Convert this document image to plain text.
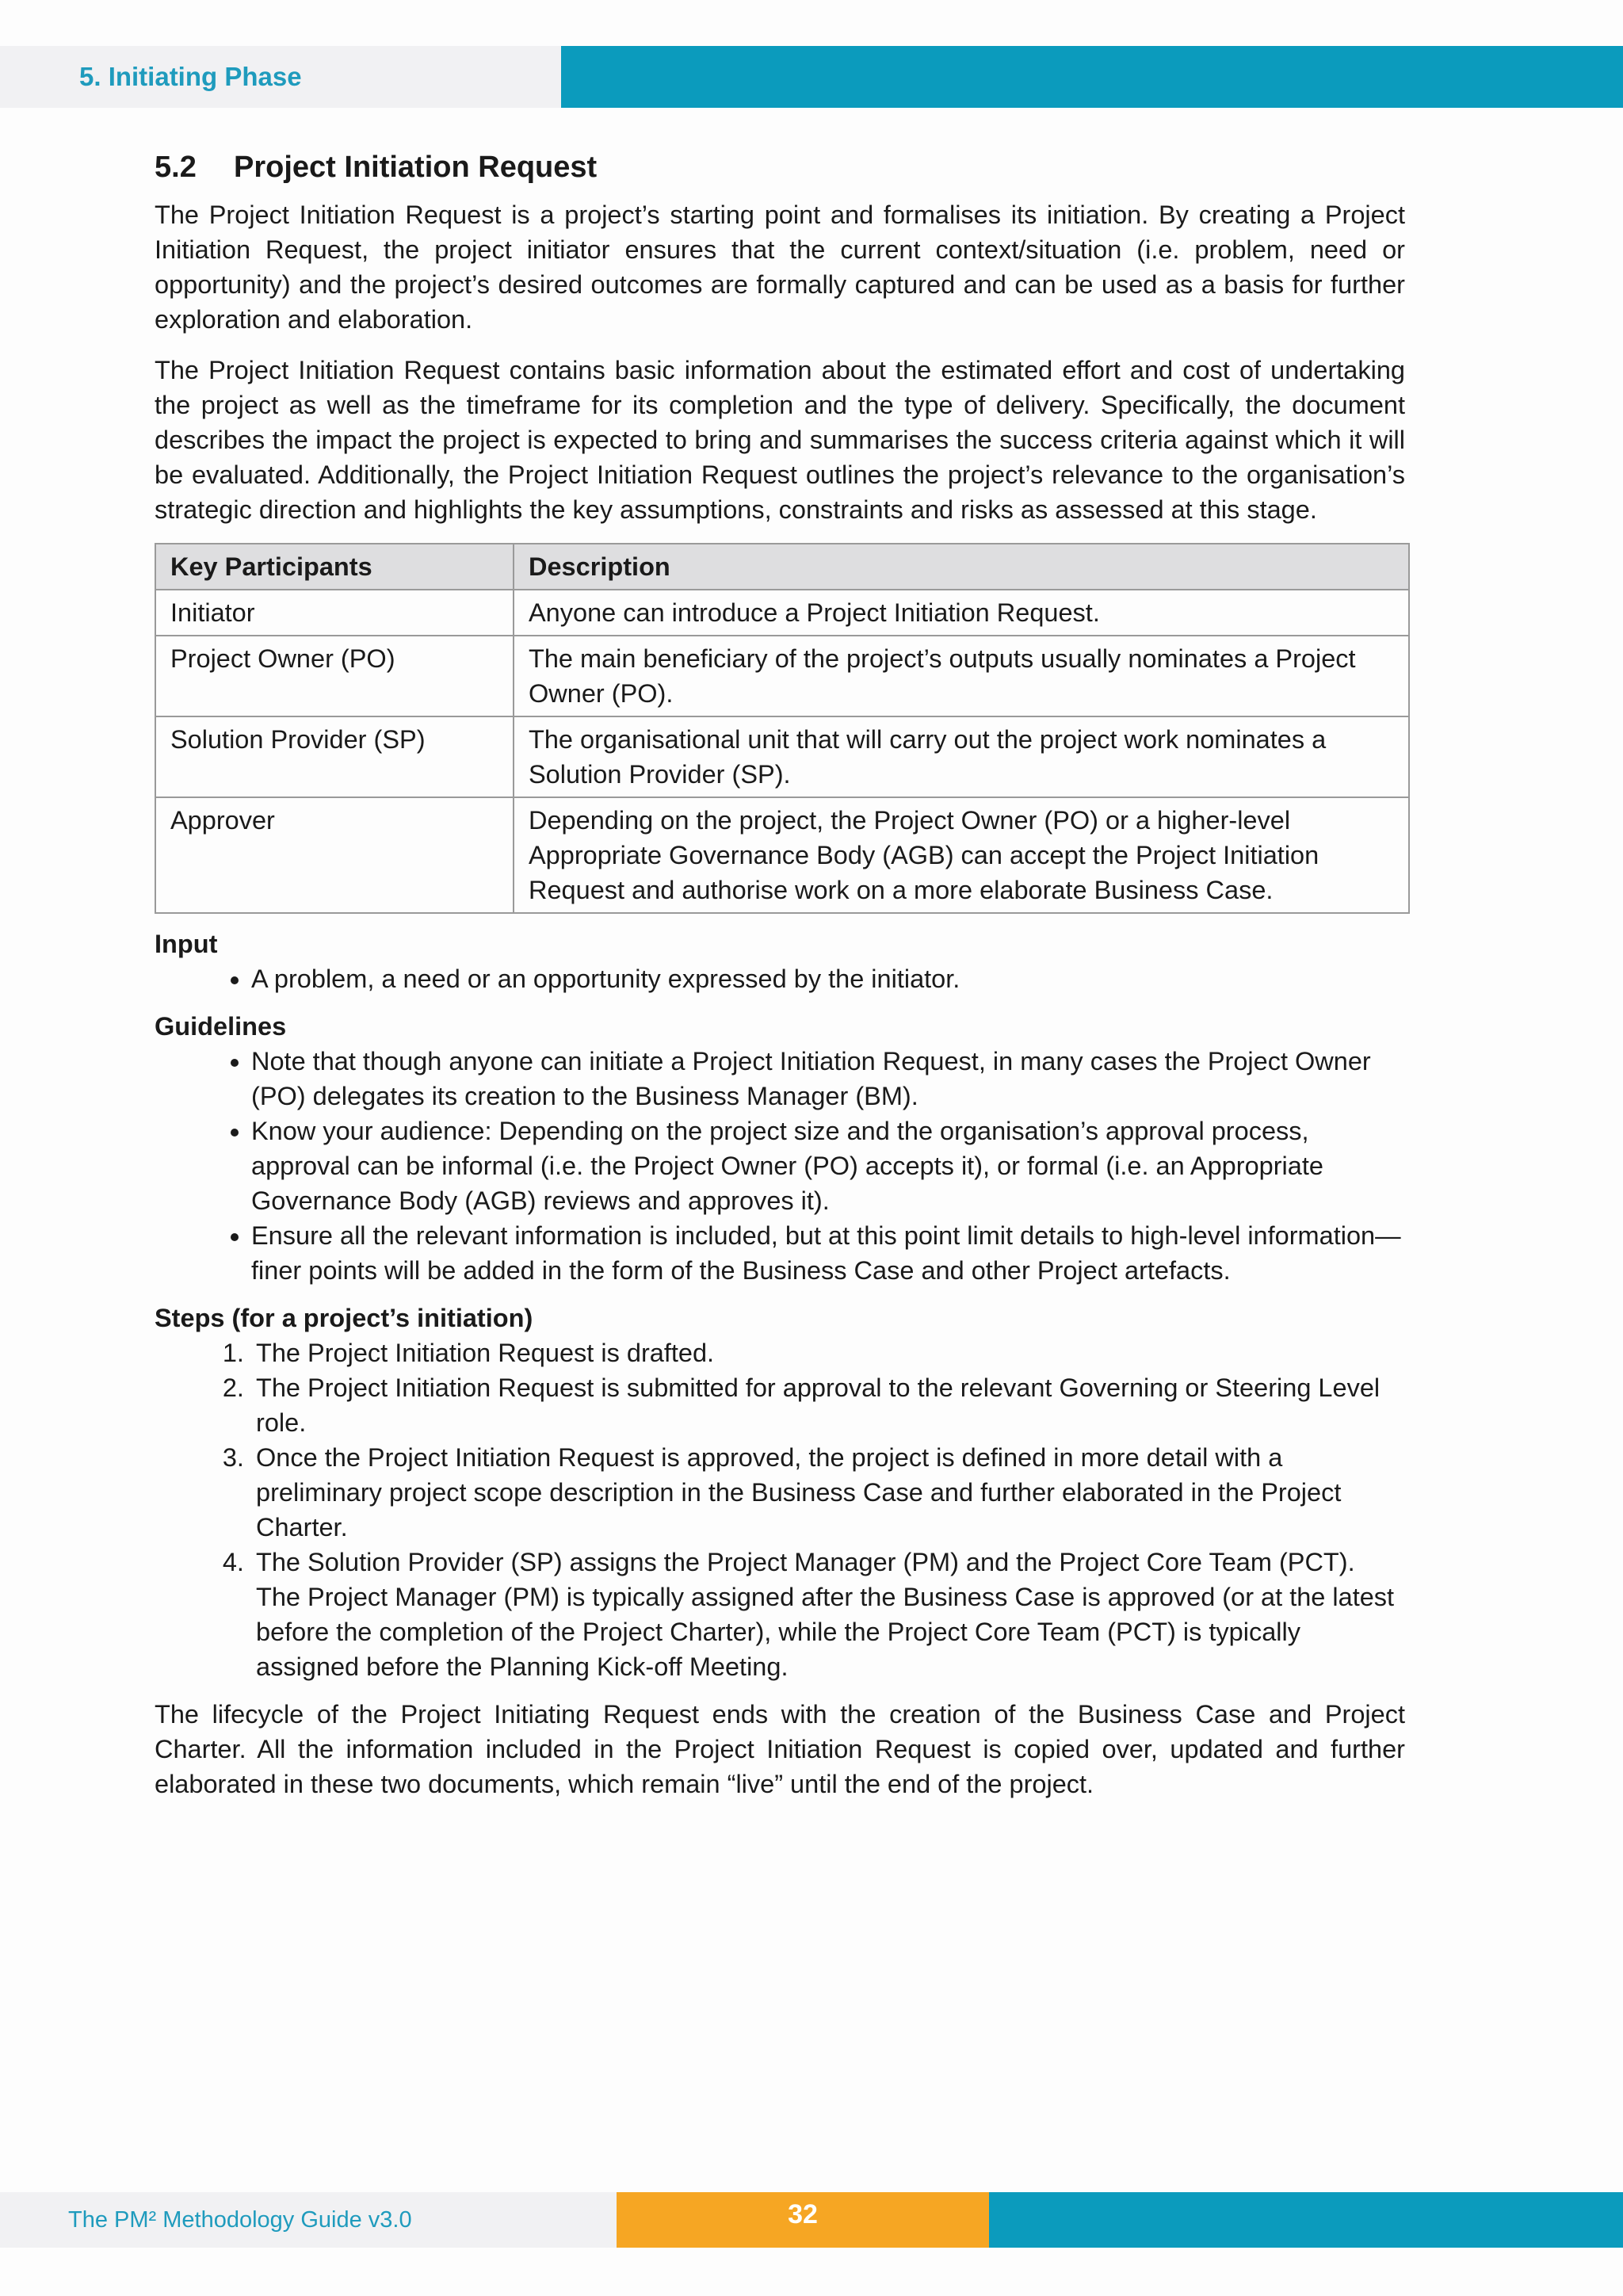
5. Initiating Phase
5.2 Project Initiation Request

The Project Initiation Request is a project’s starting point and formalises its initiation. By creating a Project Initiation Request, the project initiator ensures that the current context/situation (i.e. problem, need or opportunity) and the project’s desired outcomes are formally captured and can be used as a basis for further exploration and elaboration.

The Project Initiation Request contains basic information about the estimated effort and cost of undertaking the project as well as the timeframe for its completion and the type of delivery. Specifically, the document describes the impact the project is expected to bring and summarises the success criteria against which it will be evaluated. Additionally, the Project Initiation Request outlines the project’s relevance to the organisation’s strategic direction and highlights the key assumptions, constraints and risks as assessed at this stage.

Key Participants	Description
Initiator	Anyone can introduce a Project Initiation Request.
Project Owner (PO)	The main beneficiary of the project’s outputs usually nominates a Project Owner (PO).
Solution Provider (SP)	The organisational unit that will carry out the project work nominates a Solution Provider (SP).
Approver	Depending on the project, the Project Owner (PO) or a higher-level Appropriate Governance Body (AGB) can accept the Project Initiation Request and authorise work on a more elaborate Business Case.

Input

• A problem, a need or an opportunity expressed by the initiator.

Guidelines

• Note that though anyone can initiate a Project Initiation Request, in many cases the Project Owner (PO) delegates its creation to the Business Manager (BM).
• Know your audience: Depending on the project size and the organisation’s approval process, approval can be informal (i.e. the Project Owner (PO) accepts it), or formal (i.e. an Appropriate Governance Body (AGB) reviews and approves it).
• Ensure all the relevant information is included, but at this point limit details to high-level information—finer points will be added in the form of the Business Case and other Project artefacts.

Steps (for a project’s initiation)

1. The Project Initiation Request is drafted.
2. The Project Initiation Request is submitted for approval to the relevant Governing or Steering Level role.
3. Once the Project Initiation Request is approved, the project is defined in more detail with a preliminary project scope description in the Business Case and further elaborated in the Project Charter.
4. The Solution Provider (SP) assigns the Project Manager (PM) and the Project Core Team (PCT). The Project Manager (PM) is typically assigned after the Business Case is approved (or at the latest before the completion of the Project Charter), while the Project Core Team (PCT) is typically assigned before the Planning Kick-off Meeting.

The lifecycle of the Project Initiating Request ends with the creation of the Business Case and Project Charter. All the information included in the Project Initiation Request is copied over, updated and further elaborated in these two documents, which remain “live” until the end of the project.

The PM² Methodology Guide v3.0	32
